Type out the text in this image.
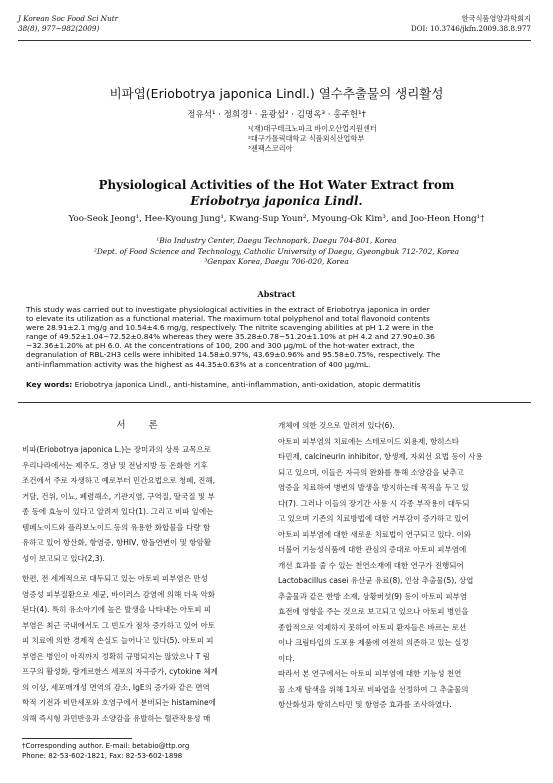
J Korean Soc Food Sci Nutr
38(8), 977~982(2009)
한국식품영양과학회지
DOI: 10.3746/jkfn.2009.38.8.977
비파엽(Eriobotrya japonica Lindl.) 열수추출물의 생리활성
정유석¹ · 정희경¹ · 윤광섭² · 김명옥³ · 홍주헌¹†
¹(재)대구테크노파크 바이오산업지원센터
²대구가톨릭대학교 식품외식산업학부
³젠팩스코리아
Physiological Activities of the Hot Water Extract from
Eriobotrya japonica Lindl.
Yoo-Seok Jeong¹, Hee-Kyoung Jung¹, Kwang-Sup Youn², Myoung-Ok Kim³, and Joo-Heon Hong¹†
¹Bio Industry Center, Daegu Technopark, Daegu 704-801, Korea
²Dept. of Food Science and Technology, Catholic University of Daegu, Gyeongbuk 712-702, Korea
³Genpax Korea, Daegu 706-020, Korea
Abstract
This study was carried out to investigate physiological activities in the extract of Eriobotrya japonica in order
to elevate its utilization as a functional material. The maximum total polyphenol and total flavonoid contents
were 28.91±2.1 mg/g and 10.54±4.6 mg/g, respectively. The nitrite scavenging abilities at pH 1.2 were in the
range of 49.52±1.04~72.52±0.84% whereas they were 35.28±0.78~51.20±1.10% at pH 4.2 and 27.90±0.36
~32.36±1.20% at pH 6.0. At the concentrations of 100, 200 and 300 μg/mL of the hot-water extract, the
degranulation of RBL-2H3 cells were inhibited 14.58±0.97%, 43.69±0.96% and 95.58±0.75%, respectively. The
anti-inflammation activity was the highest as 44.35±0.63% at a concentration of 400 μg/mL.
Key words: Eriobotrya japonica Lindl., anti-histamine, anti-inflammation, anti-oxidation, atopic dermatitis
서 론
비파(Eriobotrya japonica L.)는 장미과의 상록 교목으로
우리나라에서는 제주도, 경남 및 전남지방 등 온화한 기후
조건에서 주로 자생하고 예로부터 민간요법으로 청폐, 진해,
거담, 건위, 이뇨, 폐렴해소, 기관지염, 구역질, 딸국질 및 부
종 등에 효능이 있다고 알려져 있다(1). 그리고 비파 잎에는
템페노이드와 플라보노이드 등의 유용한 화합물을 다량 함
유하고 있어 항산화, 항염증, 항HIV, 항돌연변이 및 항암활
성이 보고되고 있다(2,3).
한편, 전 세계적으로 대두되고 있는 아토피 피부염은 만성
염증성 피부질환으로 세균, 바이러스 감염에 의해 더욱 악화
된다(4). 특히 유소아기에 높은 발생을 나타내는 아토피 피
부염은 최근 국내에서도 그 빈도가 점차 증가하고 있어 아토
피 치료에 의한 경제적 손실도 늘어나고 있다(5). 아토피 피
부염은 병인이 아직까지 정확히 규명되지는 않았으나 T 림
프구의 활성화, 랑게르한스 세포의 자극증가, cytokine 체계
의 이상, 세포매개성 면역의 감소, IgE의 증가와 같은 면역
학적 기전과 비만세포와 호염구에서 분비되는 histamine에
의해 즉시형 과민반응과 소양감을 유발하는 혈관작용성 매
개체에 의한 것으로 알려져 있다(6).
아토피 피부염의 치료에는 스테로이드 외용제, 항히스타
타민제, calcineurin inhibitor, 항생제, 자외선 요법 등이 사용
되고 있으며, 이들은 자극의 완화를 통해 소양감을 낮추고
염증을 치료하여 병변의 발생을 방지하는데 목적을 두고 있
다(7). 그러나 이들의 장기간 사용 시 각종 부작용이 대두되
고 있으며 기존의 치료방법에 대한 거부감이 증가하고 있어
아토피 피부염에 대한 새로운 치료법이 연구되고 있다. 이와
더불어 기능성식품에 대한 관심의 증대로 아토피 피부염에
개선 효과를 줄 수 있는 천연소재에 대한 연구가 진행되어
Lactobacillus casei 유산균 유료(8), 인삼 추출물(5), 상엽
추출물과 같은 한방 소재, 상황버섯(9) 등이 아토피 피부염
효전에 영향을 주는 것으로 보고되고 있으나 아토피 병인을
종합적으로 억제하지 못하여 아토피 환자들은 바르는 로션
이나 크림타입의 도포용 제품에 여전히 의존하고 있는 실정
이다.
따라서 본 연구에서는 아토피 피부염에 대한 기능성 천연
물 소재 탐색을 위해 1차로 비파엽을 선정하여 그 추출물의
항산화성과 항히스타민 및 항염증 효과를 조사하였다.
†Corresponding author. E-mail: betabio@ttp.org
Phone: 82-53-602-1821, Fax: 82-53-602-1898
